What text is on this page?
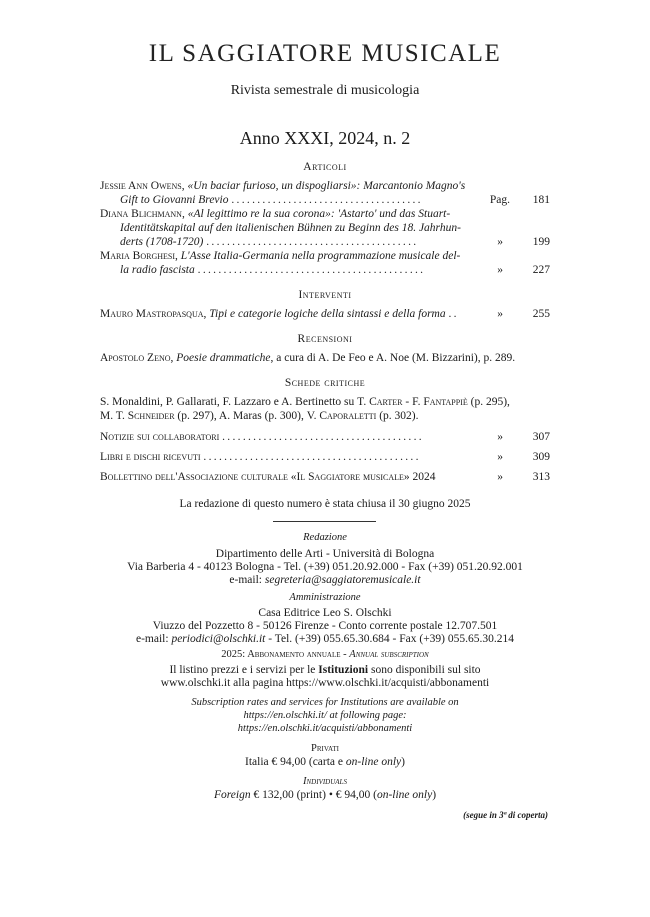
IL SAGGIATORE MUSICALE
Rivista semestrale di musicologia
Anno XXXI, 2024, n. 2
Articoli
Jessie Ann Owens, «Un baciar furioso, un dispogliarsi»: Marcantonio Magno's
Gift to Giovanni Brevio .....................................	Pag. 181
Diana Blichmann, «Al legittimo re la sua corona»: 'Astarto' und das Stuart-
Identitätskapital auf den italienischen Bühnen zu Beginn des 18. Jahrhun-
derts (1708-1720) .........................................	»	199
Maria Borghesi, L'Asse Italia-Germania nella programmazione musicale del-
la radio fascista ............................................	»	227
Interventi
Mauro Mastropasqua, Tipi e categorie logiche della sintassi e della forma ..	»	255
Recensioni
Apostolo Zeno, Poesie drammatiche, a cura di A. De Feo e A. Noe (M. Bizzarini), p. 289.
Schede critiche
S. Monaldini, P. Gallarati, F. Lazzaro e A. Bertinetto su T. Carter - F. Fantappiè (p. 295),
M. T. Schneider (p. 297), A. Maras (p. 300), V. Caporaletti (p. 302).
Notizie sui collaboratori .......................................	»	307
Libri e dischi ricevuti ..........................................	»	309
Bollettino dell'Associazione culturale «Il Saggiatore musicale» 2024	»	313
La redazione di questo numero è stata chiusa il 30 giugno 2025
Redazione
Dipartimento delle Arti - Università di Bologna
Via Barberia 4 - 40123 Bologna - Tel. (+39) 051.20.92.000 - Fax (+39) 051.20.92.001
e-mail: segreteria@saggiatoremusicale.it
Amministrazione
Casa Editrice Leo S. Olschki
Viuzzo del Pozzetto 8 - 50126 Firenze - Conto corrente postale 12.707.501
e-mail: periodici@olschki.it - Tel. (+39) 055.65.30.684 - Fax (+39) 055.65.30.214
2025: Abbonamento annuale - Annual subscription
Il listino prezzi e i servizi per le Istituzioni sono disponibili sul sito
www.olschki.it alla pagina https://www.olschki.it/acquisti/abbonamenti
Subscription rates and services for Institutions are available on
https://en.olschki.it/ at following page:
https://en.olschki.it/acquisti/abbonamenti
Privati
Italia € 94,00 (carta e on-line only)
Individuals
Foreign € 132,00 (print) • € 94,00 (on-line only)
(segue in 3ª di coperta)
